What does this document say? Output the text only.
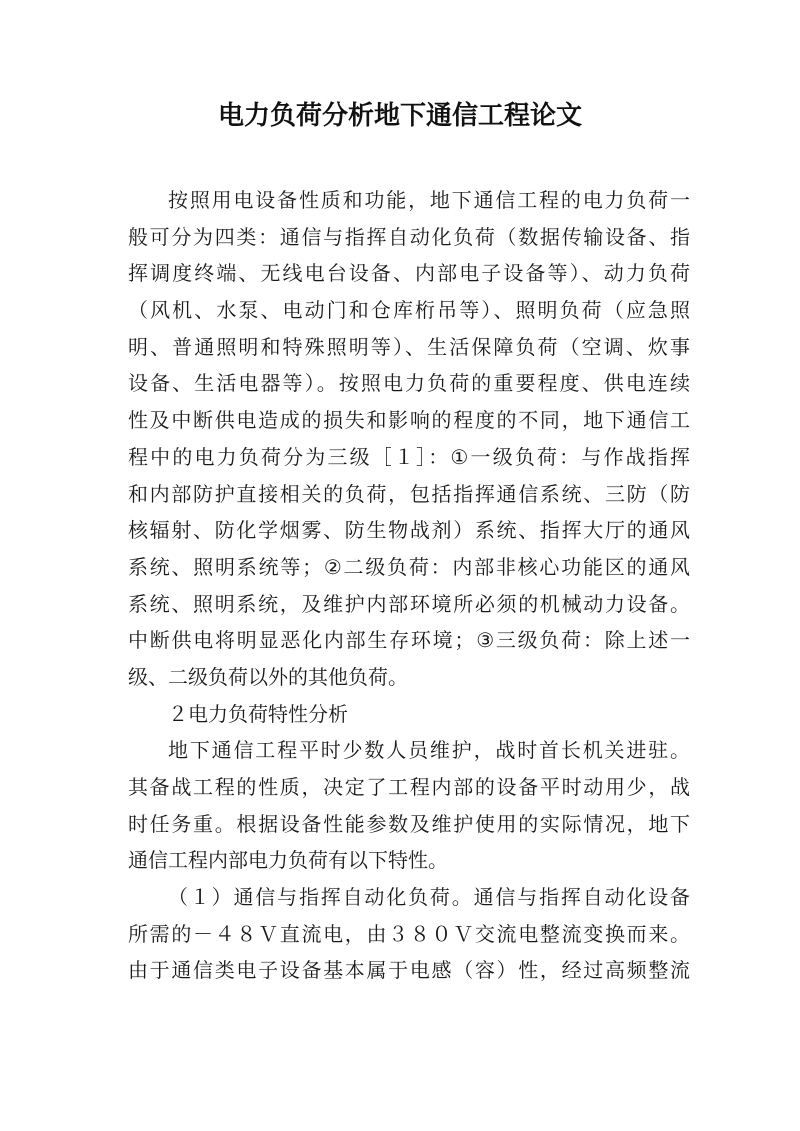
电力负荷分析地下通信工程论文
按照用电设备性质和功能，地下通信工程的电力负荷一
般可分为四类：通信与指挥自动化负荷（数据传输设备、指
挥调度终端、无线电台设备、内部电子设备等）、动力负荷
（风机、水泵、电动门和仓库桁吊等）、照明负荷（应急照
明、普通照明和特殊照明等）、生活保障负荷（空调、炊事
设备、生活电器等）。按照电力负荷的重要程度、供电连续
性及中断供电造成的损失和影响的程度的不同，地下通信工
程中的电力负荷分为三级［１］：①一级负荷：与作战指挥
和内部防护直接相关的负荷，包括指挥通信系统、三防（防
核辐射、防化学烟雾、防生物战剂）系统、指挥大厅的通风
系统、照明系统等；②二级负荷：内部非核心功能区的通风
系统、照明系统，及维护内部环境所必须的机械动力设备。
中断供电将明显恶化内部生存环境；③三级负荷：除上述一
级、二级负荷以外的其他负荷。
２电力负荷特性分析
地下通信工程平时少数人员维护，战时首长机关进驻。
其备战工程的性质，决定了工程内部的设备平时动用少，战
时任务重。根据设备性能参数及维护使用的实际情况，地下
通信工程内部电力负荷有以下特性。
（１）通信与指挥自动化负荷。通信与指挥自动化设备
所需的－４８Ｖ直流电，由３８０Ｖ交流电整流变换而来。
由于通信类电子设备基本属于电感（容）性，经过高频整流
